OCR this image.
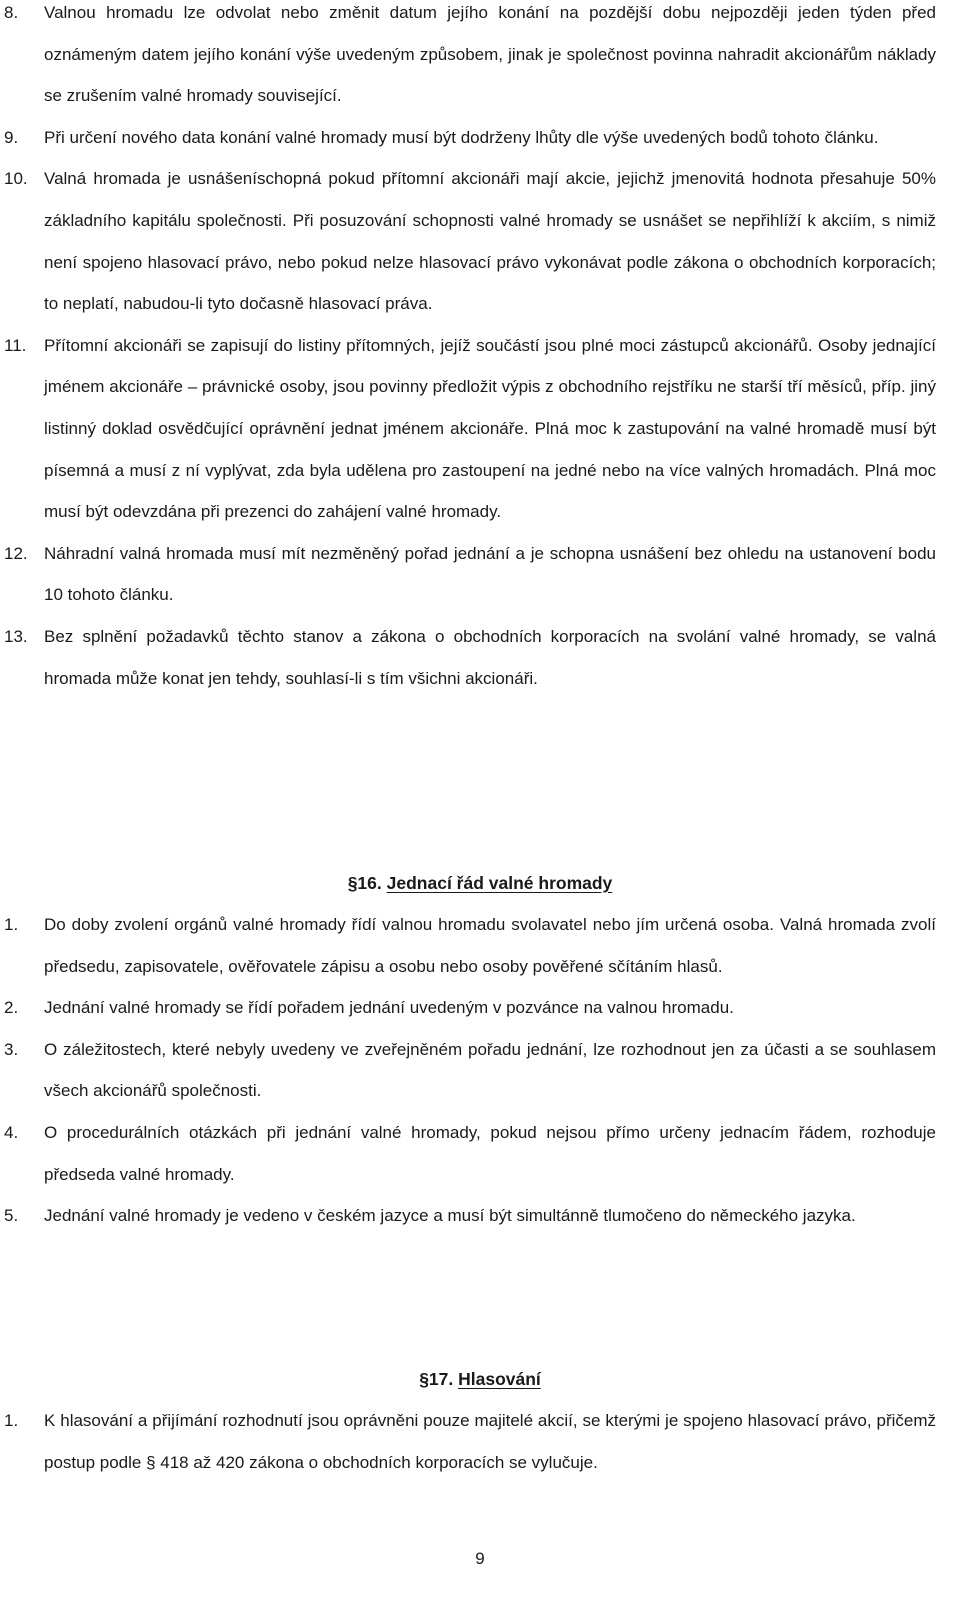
8. Valnou hromadu lze odvolat nebo změnit datum jejího konání na pozdější dobu nejpozději jeden týden před oznámeným datem jejího konání výše uvedeným způsobem, jinak je společnost povinna nahradit akcionářům náklady se zrušením valné hromady související.

9. Při určení nového data konání valné hromady musí být dodrženy lhůty dle výše uvedených bodů tohoto článku.

10. Valná hromada je usnášeníschopná pokud přítomní akcionáři mají akcie, jejichž jmenovitá hodnota přesahuje 50% základního kapitálu společnosti. Při posuzování schopnosti valné hromady se usnášet se nepřihlíží k akciím, s nimiž není spojeno hlasovací právo, nebo pokud nelze hlasovací právo vykonávat podle zákona o obchodních korporacích; to neplatí, nabudou-li tyto dočasně hlasovací práva.

11. Přítomní akcionáři se zapisují do listiny přítomných, jejíž součástí jsou plné moci zástupců akcionářů. Osoby jednající jménem akcionáře – právnické osoby, jsou povinny předložit výpis z obchodního rejstříku ne starší tří měsíců, příp. jiný listinný doklad osvědčující oprávnění jednat jménem akcionáře. Plná moc k zastupování na valné hromadě musí být písemná a musí z ní vyplývat, zda byla udělena pro zastoupení na jedné nebo na více valných hromadách. Plná moc musí být odevzdána při prezenci do zahájení valné hromady.

12. Náhradní valná hromada musí mít nezměněný pořad jednání a je schopna usnášení bez ohledu na ustanovení bodu 10 tohoto článku.

13. Bez splnění požadavků těchto stanov a zákona o obchodních korporacích na svolání valné hromady, se valná hromada může konat jen tehdy, souhlasí-li s tím všichni akcionáři.

§16. Jednací řád valné hromady
1. Do doby zvolení orgánů valné hromady řídí valnou hromadu svolavatel nebo jím určená osoba. Valná hromada zvolí předsedu, zapisovatele, ověřovatele zápisu a osobu nebo osoby pověřené sčítáním hlasů.

2. Jednání valné hromady se řídí pořadem jednání uvedeným v pozvánce na valnou hromadu.

3. O záležitostech, které nebyly uvedeny ve zveřejněném pořadu jednání, lze rozhodnout jen za účasti a se souhlasem všech akcionářů společnosti.

4. O procedurálních otázkách při jednání valné hromady, pokud nejsou přímo určeny jednacím řádem, rozhoduje předseda valné hromady.

5. Jednání valné hromady je vedeno v českém jazyce a musí být simultánně tlumočeno do německého jazyka.

§17. Hlasování
1. K hlasování a přijímání rozhodnutí jsou oprávněni pouze majitelé akcií, se kterými je spojeno hlasovací právo, přičemž postup podle § 418 až 420 zákona o obchodních korporacích se vylučuje.

9
